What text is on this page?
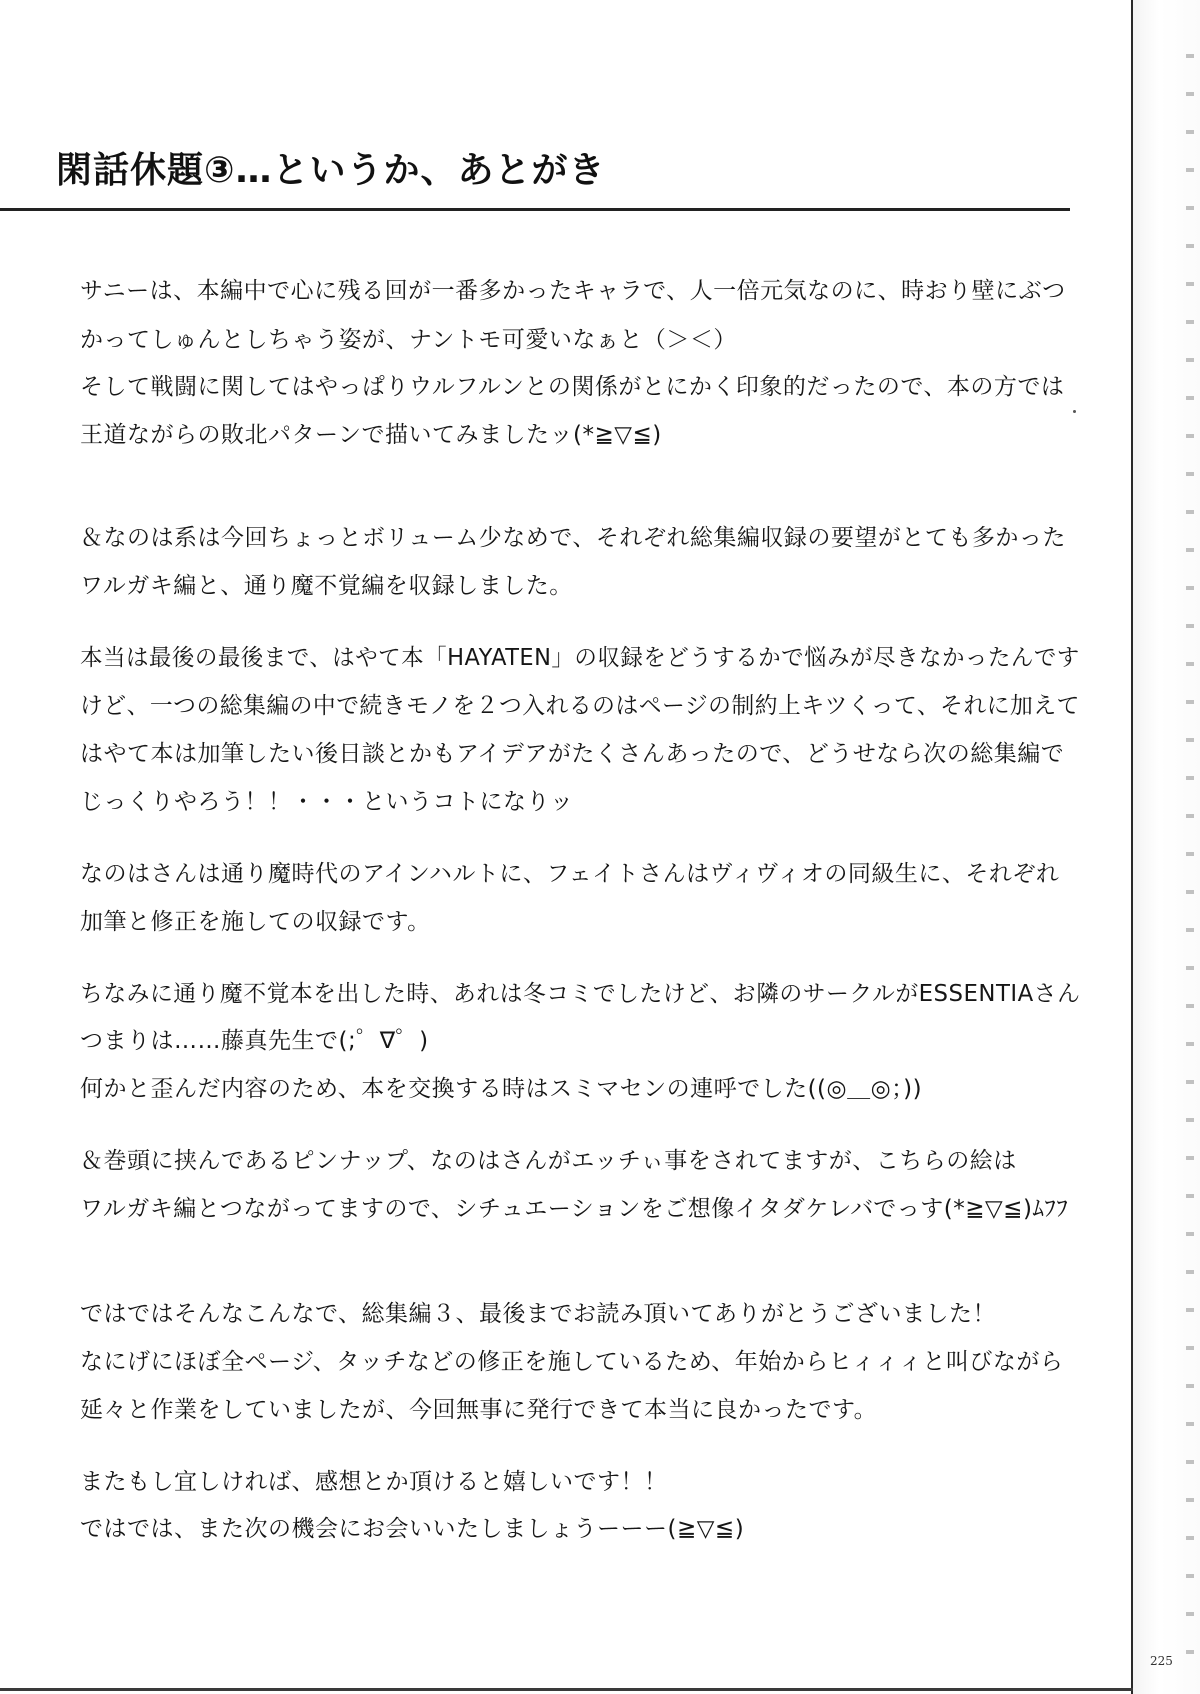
閑話休題③…というか、あとがき
サニーは、本編中で心に残る回が一番多かったキャラで、人一倍元気なのに、時おり壁にぶつ
かってしゅんとしちゃう姿が、ナントモ可愛いなぁと（＞＜）
そして戦闘に関してはやっぱりウルフルンとの関係がとにかく印象的だったので、本の方では
王道ながらの敗北パターンで描いてみましたッ(*≧▽≦)
＆なのは系は今回ちょっとボリューム少なめで、それぞれ総集編収録の要望がとても多かった
ワルガキ編と、通り魔不覚編を収録しました。
本当は最後の最後まで、はやて本「HAYATEN」の収録をどうするかで悩みが尽きなかったんです
けど、一つの総集編の中で続きモノを２つ入れるのはページの制約上キツくって、それに加えて
はやて本は加筆したい後日談とかもアイデアがたくさんあったので、どうせなら次の総集編で
じっくりやろう！！・・・というコトになりッ
なのはさんは通り魔時代のアインハルトに、フェイトさんはヴィヴィオの同級生に、それぞれ
加筆と修正を施しての収録です。
ちなみに通り魔不覚本を出した時、あれは冬コミでしたけど、お隣のサークルがESSENTIAさん
つまりは……藤真先生で(;゜∇゜)
何かと歪んだ内容のため、本を交換する時はスミマセンの連呼でした((◎＿◎；))
＆巻頭に挟んであるピンナップ、なのはさんがエッチぃ事をされてますが、こちらの絵は
ワルガキ編とつながってますので、シチュエーションをご想像イタダケレバでっす(*≧▽≦)ﾑﾌﾌ
ではではそんなこんなで、総集編３、最後までお読み頂いてありがとうございました！
なにげにほぼ全ページ、タッチなどの修正を施しているため、年始からヒィィィと叫びながら
延々と作業をしていましたが、今回無事に発行できて本当に良かったです。
またもし宜しければ、感想とか頂けると嬉しいです！！
ではでは、また次の機会にお会いいたしましょうーーー(≧▽≦)
225
